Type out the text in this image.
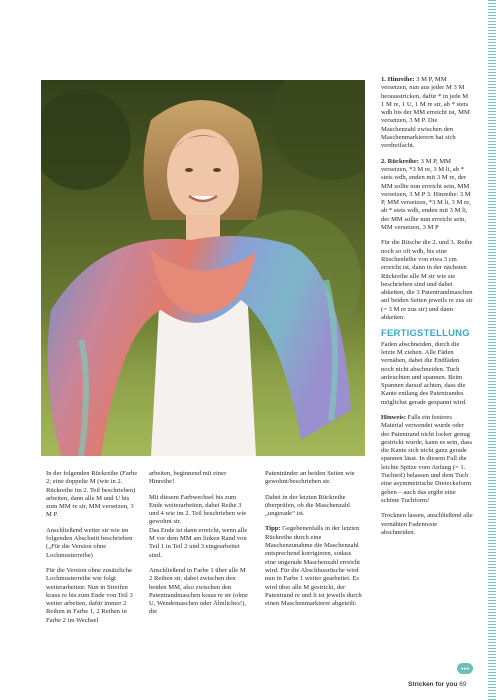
1. Hinreihe: 3 M P, MM versetzen, nun aus jeder M 3 M herausstricken, dafür * in jede M 1 M re, 1 U, 1 M re str, ab * stets wdh bis der MM erreicht ist, MM versetzen, 3 M P. Die Maschenzahl zwischen den Maschenmarkierern hat sich verdreifacht.

2. Rückreihe: 3 M P, MM versetzen, *3 M re, 3 M li, ab * stets wdh, enden mit 3 M re, der MM sollte nun erreicht sein, MM versetzen, 3 M P 3. Hinreihe: 3 M P, MM versetzen, *3 M li, 3 M re, ab * stets wdh, enden mit 3 M li, der MM sollte nun erreicht sein, MM versetzen, 3 M P

Für die Rüsche die 2. und 3. Reihe noch so oft wdh, bis eine Rüschenhöhe von etwa 3 cm erreicht ist, dann in der nächsten Rückreihe alle M str wie sie beschrieben sind und dabei abketten, die 3 Patentrandmaschen auf beiden Seiten jeweils re zus str (= 3 M re zus str) und dann abketten.

FERTIGSTELLUNG

Faden abschneiden, durch die letzte M ziehen. Alle Fäden vernähen, dabei die Endfäden noch nicht abschneiden. Tuch anfeuchten und spannen. Beim Spannen darauf achten, dass die Kante entlang des Patentrandes möglichst gerade gespannt wird.

Hinweis: Falls ein festeres Material verwendet wurde oder der Patentrand nicht locker genug gestrickt wurde, kann es sein, dass die Kante sich nicht ganz gerade spannen lässt. In diesem Fall die leichte Spitze vom Anfang (= 1. Tuchteil) belassen und dem Tuch eine asymmetrische Dreiecksform geben – auch das ergibt eine schöne Tuchform!

Trocknen lassen, anschließend alle vernähten Fadenreste abschneiden.

In der folgenden Rückreihe (Farbe 2; eine doppelte M (wie in 2. Rückreihe im 2. Teil beschrieben) arbeiten, dann alle M und U bis zum MM re str, MM versetzen, 3 M P.

Anschließend weiter str wie im folgenden Abschnitt beschrieben („Für die Version ohne Lochmusterreihe)

Für die Version ohne zusätzliche Lochmusterreihe wie folgt weiterarbeiten: Nun in Streifen kraus re bis zum Ende von Teil 3 weiter arbeiten, dafür immer 2 Reihen in Farbe 1, 2 Reihen in Farbe 2 im Wechsel

arbeiten, beginnend mit einer Hinreihe!

Mit diesem Farbwechsel bis zum Ende weiterarbeiten, dabei Reihe 3 und 4 wie im 2. Teil beschrieben wie gewohnt str.

Das Ende ist dann erreicht, wenn alle M vor dem MM am linken Rand von Teil 1 in Teil 2 und 3 eingearbeitet sind.

Anschließend in Farbe 1 über alle M 2 Reihen str, dabei zwischen den beiden MM, also zwischen den Patentrandmaschen kraus re str (ohne U, Wendemaschen oder Ähnliches!), die

Patentränder an beiden Seiten wie gewohnt/beschrieben str.

Dabei in der letzten Rückreihe überprüfen, ob die Maschenzahl „ungerade“ ist.

Tipp: Gegebenenfalls in der letzten Rückreihe durch eine Maschenzunahme die Maschenzahl entsprechend korrigieren, sodass eine ungerade Maschenzahl erreicht wird. Für die Abschlussrüsche wird nun in Farbe 1 weiter gearbeitet. Es wird über alle M gestrickt, der Patentrand re und li ist jeweils durch einen Maschenmarkierer abgeteilt:

●●●
Stricken for you 69
